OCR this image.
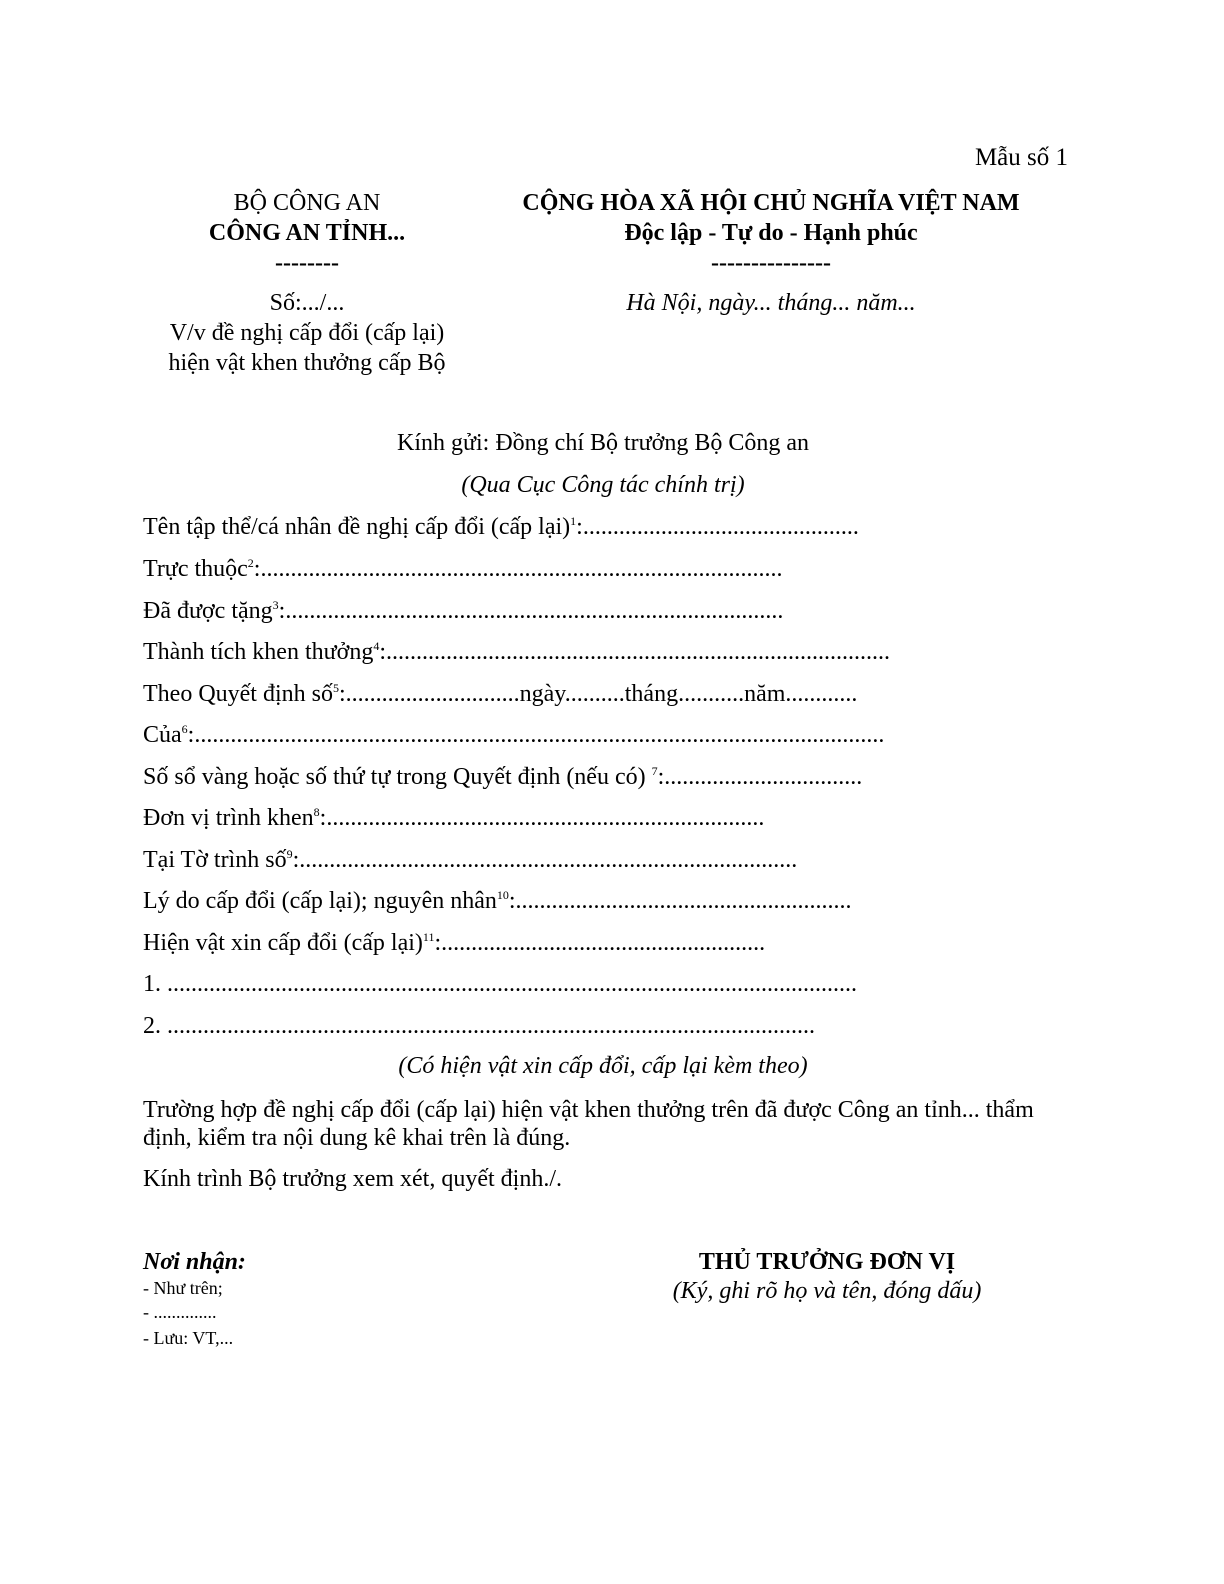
Mẫu số 1
BỘ CÔNG AN
CÔNG AN TỈNH...
--------
Số:.../...
V/v đề nghị cấp đổi (cấp lại)
hiện vật khen thưởng cấp Bộ
CỘNG HÒA XÃ HỘI CHỦ NGHĨA VIỆT NAM
Độc lập - Tự do - Hạnh phúc
---------------
Hà Nội, ngày... tháng... năm...
Kính gửi: Đồng chí Bộ trưởng Bộ Công an
(Qua Cục Công tác chính trị)
Tên tập thể/cá nhân đề nghị cấp đổi (cấp lại)$^1$:..............................................
Trực thuộc$^2$:.......................................................................................
Đã được tặng$^3$:...................................................................................
Thành tích khen thưởng$^4$:....................................................................................
Theo Quyết định số$^5$:.............................ngày..........tháng...........năm............
Của$^6$:...................................................................................................................
Số sổ vàng hoặc số thứ tự trong Quyết định (nếu có) $^7$:.................................
Đơn vị trình khen$^8$:.........................................................................
Tại Tờ trình số$^9$:...................................................................................
Lý do cấp đổi (cấp lại); nguyên nhân$^{10}$:........................................................
Hiện vật xin cấp đổi (cấp lại)$^{11}$:......................................................
1. ...................................................................................................................
2. ............................................................................................................
(Có hiện vật xin cấp đổi, cấp lại kèm theo)
Trường hợp đề nghị cấp đổi (cấp lại) hiện vật khen thưởng trên đã được Công an tỉnh... thẩm định, kiểm tra nội dung kê khai trên là đúng.
Kính trình Bộ trưởng xem xét, quyết định./.
Nơi nhận:
- Như trên;
- ..............
- Lưu: VT,...
THỦ TRƯỞNG ĐƠN VỊ
(Ký, ghi rõ họ và tên, đóng dấu)
